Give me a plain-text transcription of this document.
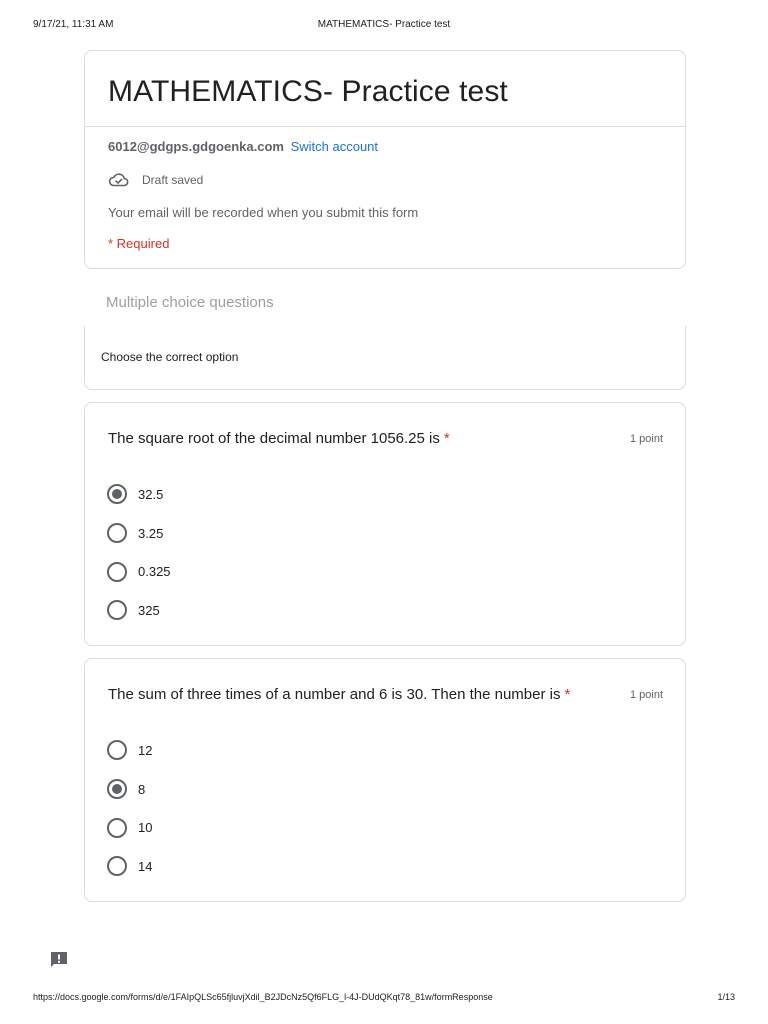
9/17/21, 11:31 AM	MATHEMATICS- Practice test
MATHEMATICS- Practice test
6012@gdgps.gdgoenka.com Switch account
Draft saved
Your email will be recorded when you submit this form
* Required
Multiple choice questions
Choose the correct option
The square root of the decimal number 1056.25 is *	1 point
32.5
3.25
0.325
325
The sum of three times of a number and 6 is 30. Then the number is *	1 point
12
8
10
14
https://docs.google.com/forms/d/e/1FAIpQLSc65fjluvjXdil_B2JDcNz5Qf6FLG_l-4J-DUdQKqt78_81w/formResponse	1/13
